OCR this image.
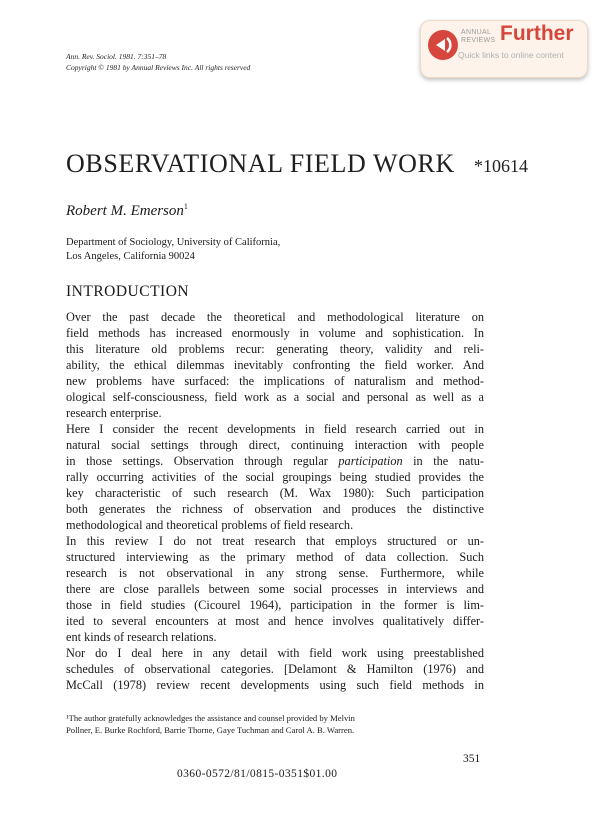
ANNUAL
REVIEWS Further
Quick links to online content
Ann. Rev. Sociol. 1981. 7:351–78
Copyright © 1981 by Annual Reviews Inc. All rights reserved
OBSERVATIONAL FIELD WORK *10614
Robert M. Emerson$^1$
Department of Sociology, University of California,
Los Angeles, California 90024
INTRODUCTION
Over the past decade the theoretical and methodological literature on
field methods has increased enormously in volume and sophistication. In
this literature old problems recur: generating theory, validity and reli-
ability, the ethical dilemmas inevitably confronting the field worker. And
new problems have surfaced: the implications of naturalism and method-
ological self-consciousness, field work as a social and personal as well as a
research enterprise.
Here I consider the recent developments in field research carried out in
natural social settings through direct, continuing interaction with people
in those settings. Observation through regular participation in the natu-
rally occurring activities of the social groupings being studied provides the
key characteristic of such research (M. Wax 1980): Such participation
both generates the richness of observation and produces the distinctive
methodological and theoretical problems of field research.
In this review I do not treat research that employs structured or un-
structured interviewing as the primary method of data collection. Such
research is not observational in any strong sense. Furthermore, while
there are close parallels between some social processes in interviews and
those in field studies (Cicourel 1964), participation in the former is lim-
ited to several encounters at most and hence involves qualitatively differ-
ent kinds of research relations.
Nor do I deal here in any detail with field work using preestablished
schedules of observational categories. [Delamont & Hamilton (1976) and
McCall (1978) review recent developments using such field methods in
¹The author gratefully acknowledges the assistance and counsel provided by Melvin
Pollner, E. Burke Rochford, Barrie Thorne, Gaye Tuchman and Carol A. B. Warren.
351
0360-0572/81/0815-0351$01.00
